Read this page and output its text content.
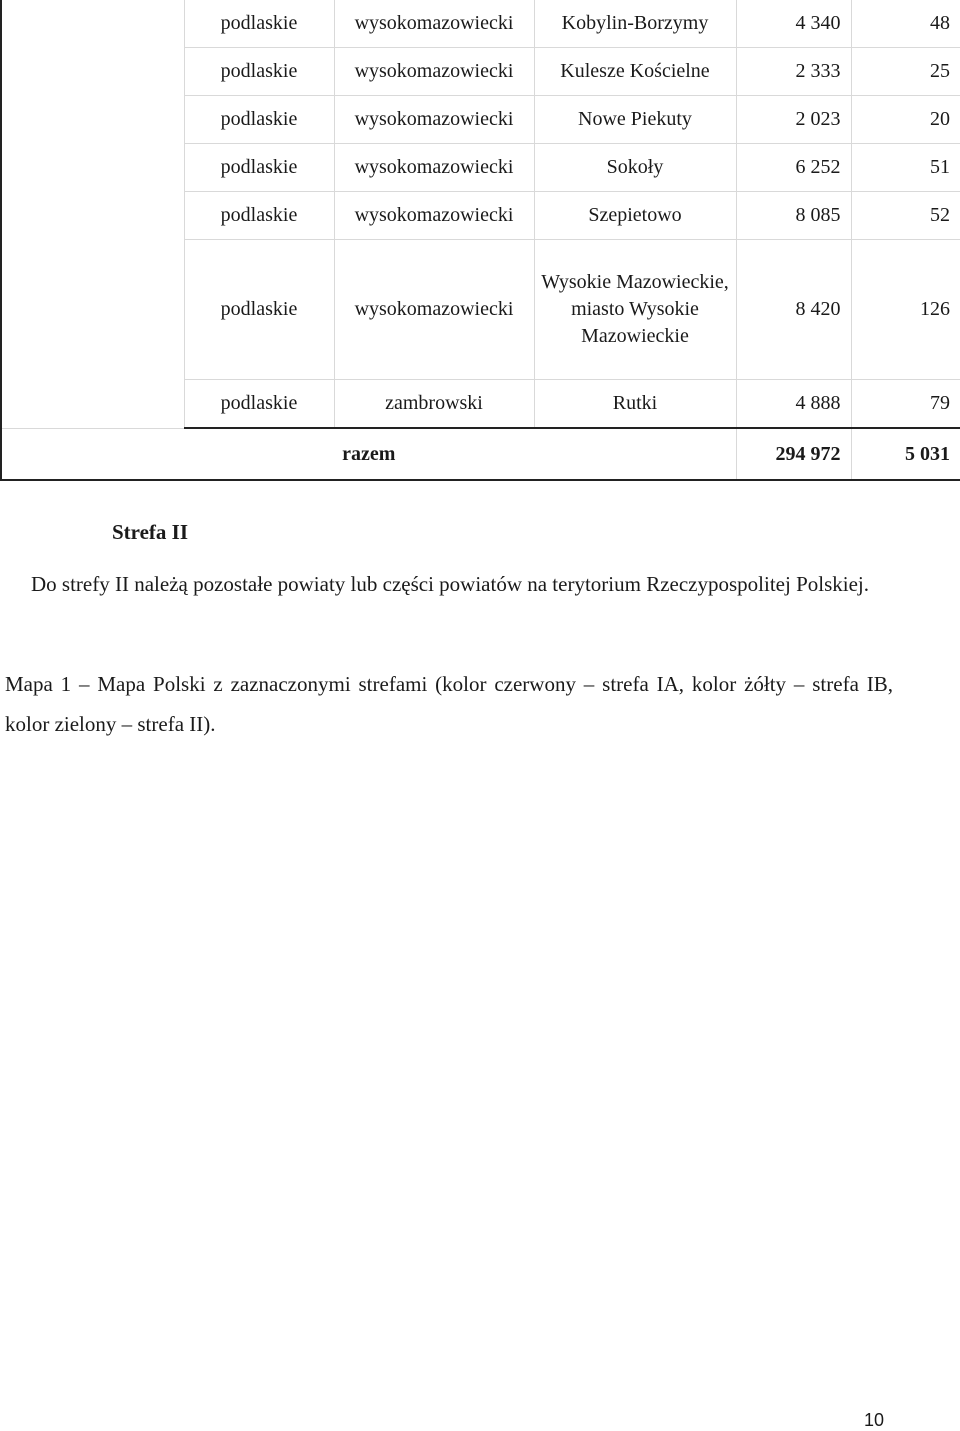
	podlaskie	wysokomazowiecki	Kobylin-Borzymy	4 340	48
	podlaskie	wysokomazowiecki	Kulesze Kościelne	2 333	25
	podlaskie	wysokomazowiecki	Nowe Piekuty	2 023	20
	podlaskie	wysokomazowiecki	Sokoły	6 252	51
	podlaskie	wysokomazowiecki	Szepietowo	8 085	52
	podlaskie	wysokomazowiecki	Wysokie Mazowieckie, miasto Wysokie Mazowieckie	8 420	126
	podlaskie	zambrowski	Rutki	4 888	79
razem				294 972	5 031
Strefa II
Do strefy II należą pozostałe powiaty lub części powiatów na terytorium Rzeczypospolitej Polskiej.
Mapa 1 – Mapa Polski z zaznaczonymi strefami (kolor czerwony – strefa IA, kolor żółty – strefa IB, kolor zielony – strefa II).
10
